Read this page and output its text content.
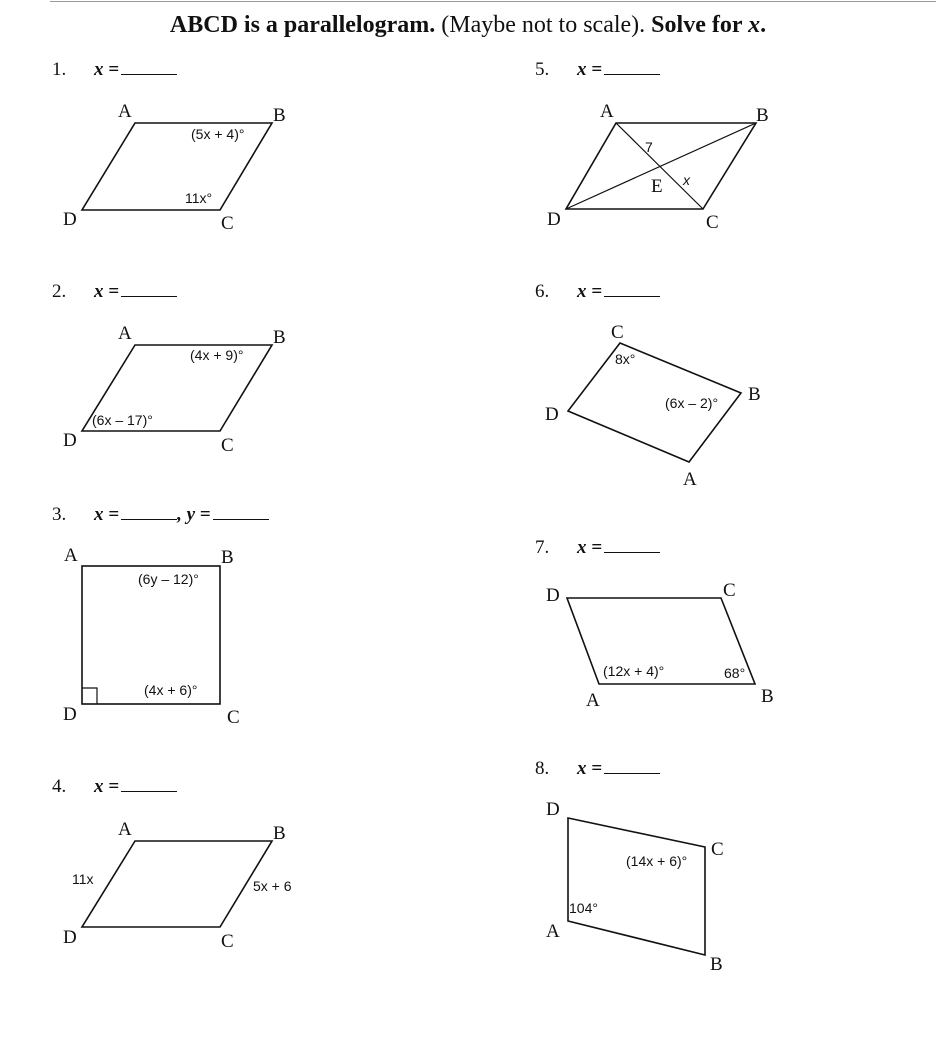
ABCD is a parallelogram. (Maybe not to scale). Solve for x.
1. x =
2. x =
3. x =	, y =
4. x =
5. x =
6. x =
7. x =
8. x =
A	B
C
D
(5x + 4)°
11x°
A	B
C
D
(4x + 9)°
(6x – 17)°
A	B
C
D
(6y – 12)°
(4x + 6)°
A	B
C
D
11x	5x + 6
A	B
C
D
E
7
x
C
B
A
D
8x°
(6x – 2)°
D	C
B
A
(12x + 4)°	68°
D
C
B
A
(14x + 6)°
104°
